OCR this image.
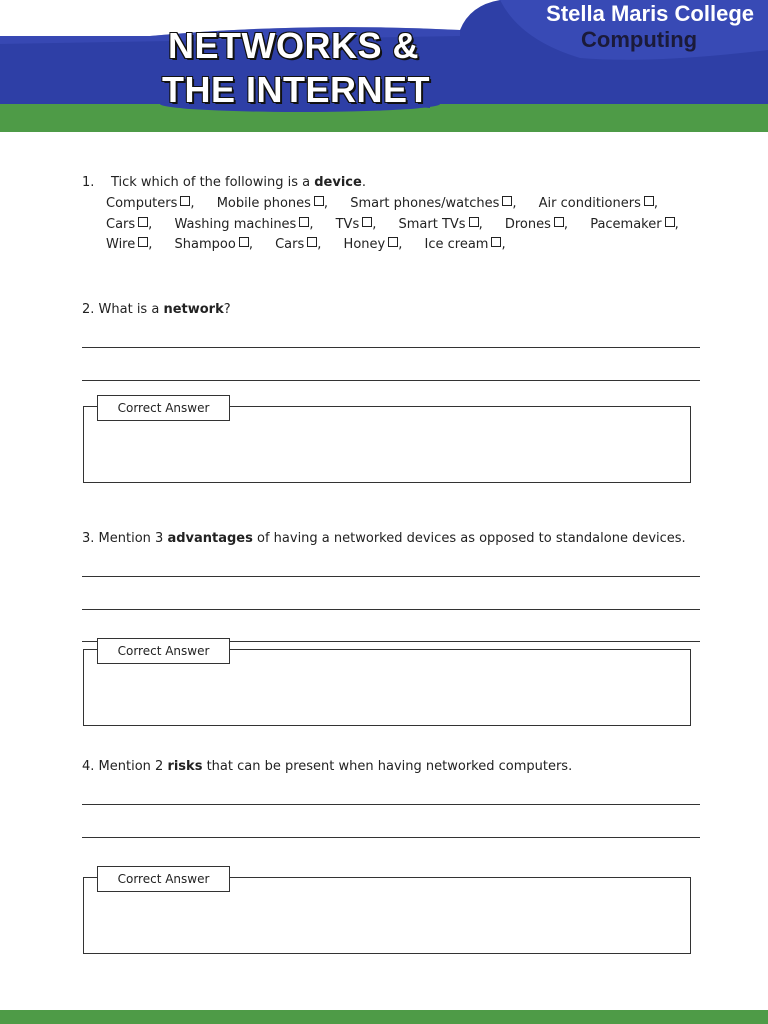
NETWORKS &
THE INTERNET
Stella Maris College
Computing
1. Tick which of the following is a device.
Computers , Mobile phones , Smart phones/watches , Air conditioners ,
Cars , Washing machines , TVs , Smart TVs , Drones , Pacemaker ,
Wire , Shampoo , Cars , Honey , Ice cream ,
2. What is a network?
Correct Answer
3. Mention 3 advantages of having a networked devices as opposed to standalone devices.
Correct Answer
4. Mention 2 risks that can be present when having networked computers.
Correct Answer
